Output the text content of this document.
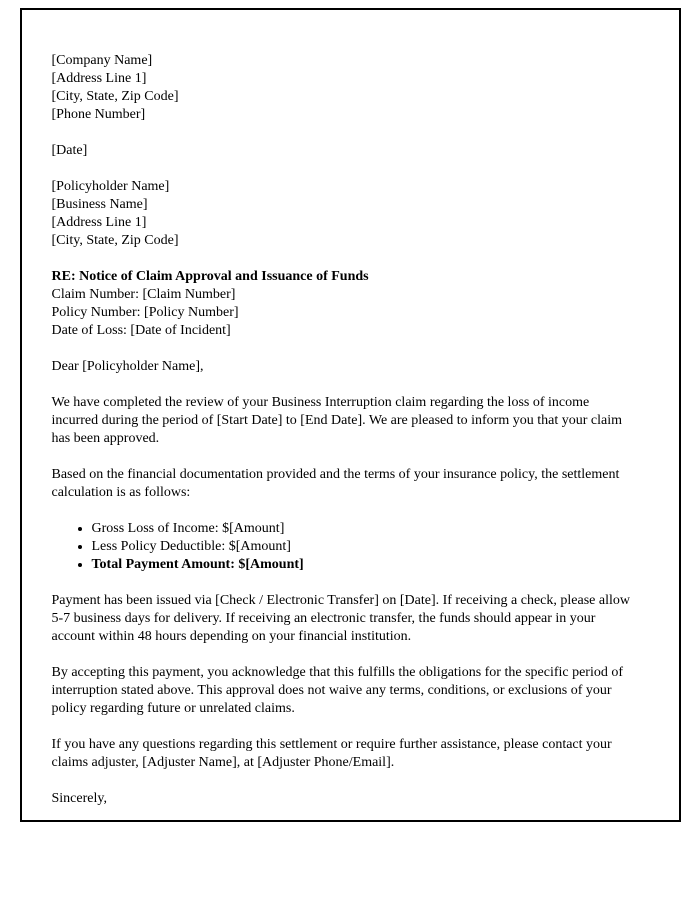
[Company Name]
[Address Line 1]
[City, State, Zip Code]
[Phone Number]
[Date]
[Policyholder Name]
[Business Name]
[Address Line 1]
[City, State, Zip Code]
RE: Notice of Claim Approval and Issuance of Funds
Claim Number: [Claim Number]
Policy Number: [Policy Number]
Date of Loss: [Date of Incident]
Dear [Policyholder Name],

We have completed the review of your Business Interruption claim regarding the loss of income incurred during the period of [Start Date] to [End Date]. We are pleased to inform you that your claim has been approved.

Based on the financial documentation provided and the terms of your insurance policy, the settlement calculation is as follows:

• Gross Loss of Income: $[Amount]
• Less Policy Deductible: $[Amount]
• Total Payment Amount: $[Amount]

Payment has been issued via [Check / Electronic Transfer] on [Date]. If receiving a check, please allow 5-7 business days for delivery. If receiving an electronic transfer, the funds should appear in your account within 48 hours depending on your financial institution.

By accepting this payment, you acknowledge that this fulfills the obligations for the specific period of interruption stated above. This approval does not waive any terms, conditions, or exclusions of your policy regarding future or unrelated claims.

If you have any questions regarding this settlement or require further assistance, please contact your claims adjuster, [Adjuster Name], at [Adjuster Phone/Email].

Sincerely,
